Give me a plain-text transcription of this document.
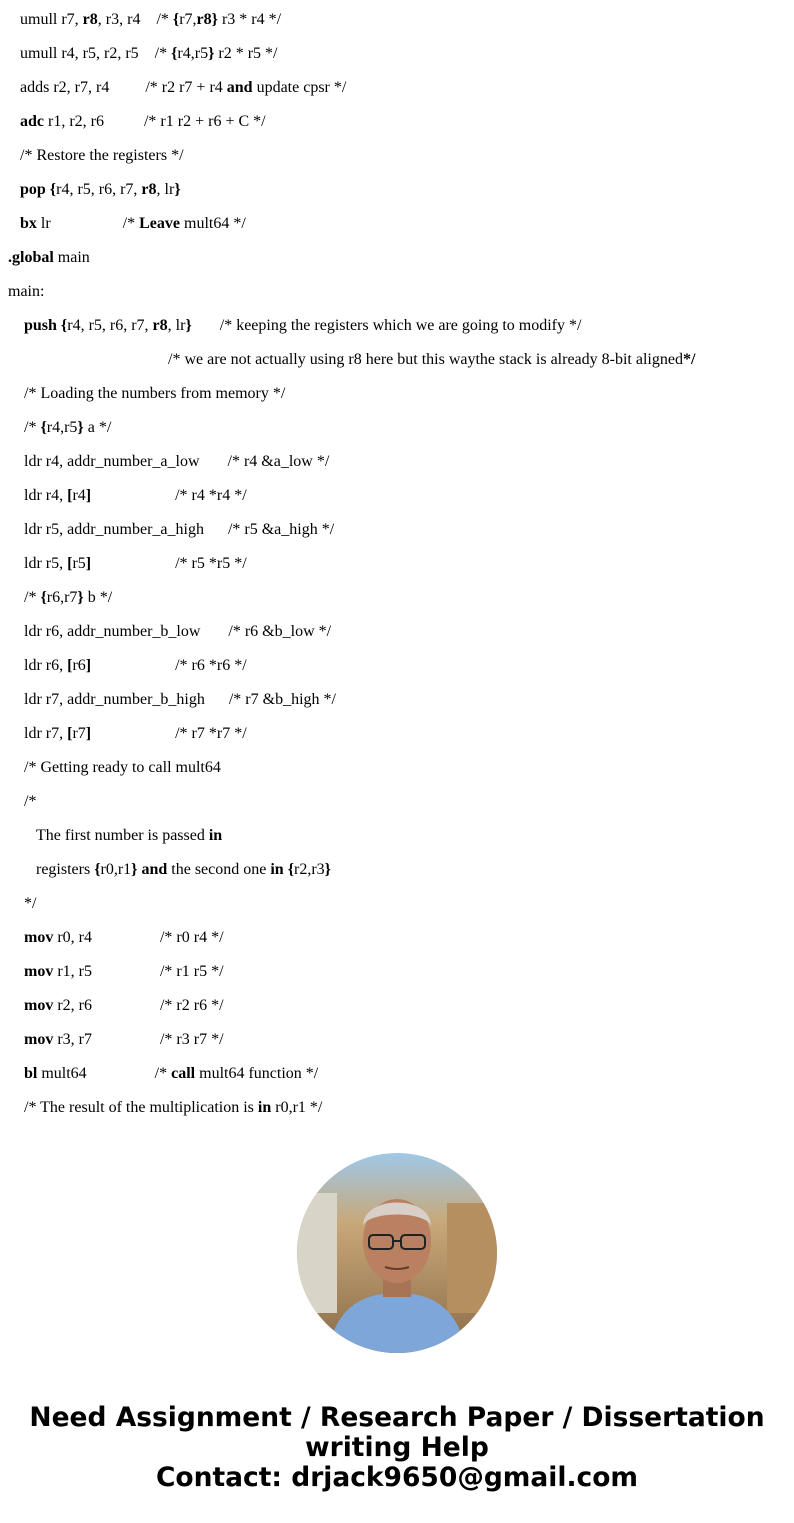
umull r7, r8, r3, r4    /* {r7,r8} r3 * r4 */
umull r4, r5, r2, r5    /* {r4,r5} r2 * r5 */
adds r2, r7, r4         /* r2 r7 + r4 and update cpsr */
adc r1, r2, r6          /* r1 r2 + r6 + C */
/* Restore the registers */
pop {r4, r5, r6, r7, r8, lr}
bx lr                  /* Leave mult64 */
.global main
main:
push {r4, r5, r6, r7, r8, lr}       /* keeping the registers which we are going to modify */
/* we are not actually using r8 here but this waythe stack is already 8-bit aligned*/
/* Loading the numbers from memory */
/* {r4,r5} a */
ldr r4, addr_number_a_low       /* r4 &a_low */
ldr r4, [r4]                     /* r4 *r4 */
ldr r5, addr_number_a_high      /* r5 &a_high */
ldr r5, [r5]                     /* r5 *r5 */
/* {r6,r7} b */
ldr r6, addr_number_b_low       /* r6 &b_low */
ldr r6, [r6]                     /* r6 *r6 */
ldr r7, addr_number_b_high      /* r7 &b_high */
ldr r7, [r7]                     /* r7 *r7 */
/* Getting ready to call mult64
/*
The first number is passed in
registers {r0,r1} and the second one in {r2,r3}
*/
mov r0, r4                 /* r0 r4 */
mov r1, r5                 /* r1 r5 */
mov r2, r6                 /* r2 r6 */
mov r3, r7                 /* r3 r7 */
bl mult64                 /* call mult64 function */
/* The result of the multiplication is in r0,r1 */
Need Assignment / Research Paper / Dissertation
writing Help
Contact: drjack9650@gmail.com
